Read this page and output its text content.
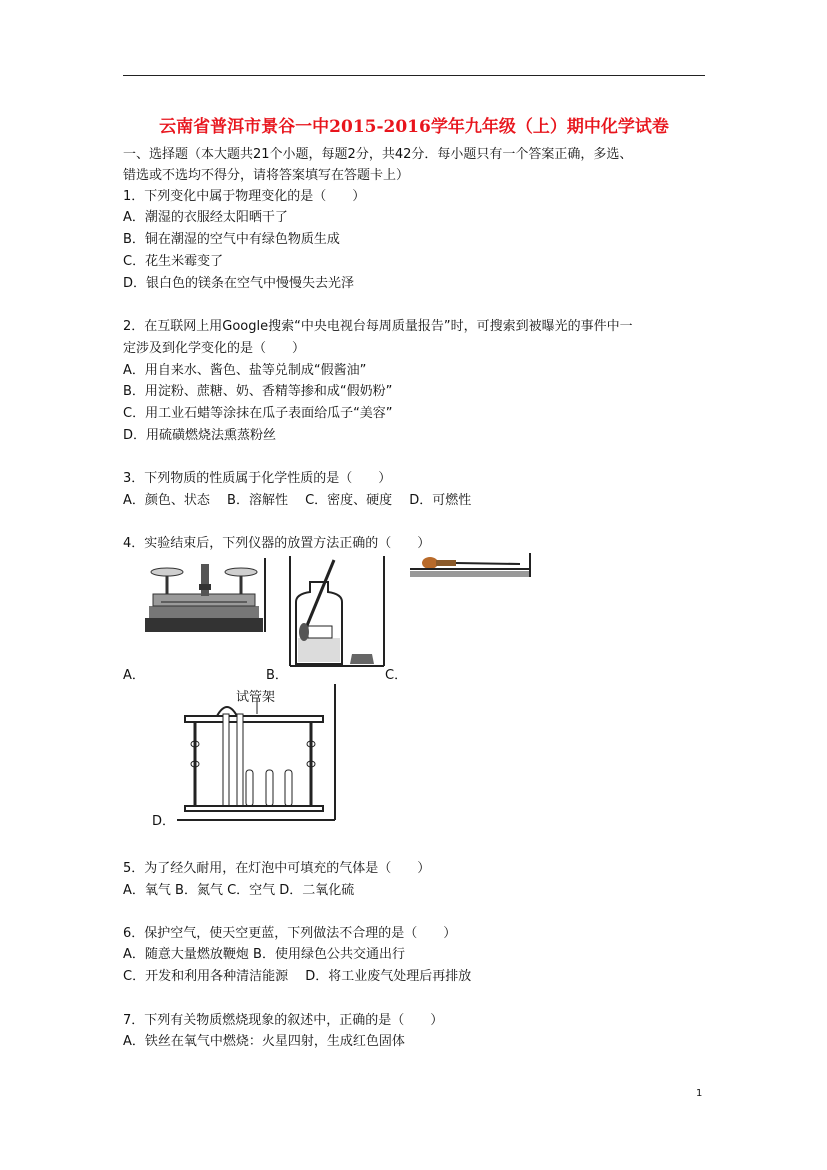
云南省普洱市景谷一中2015-2016学年九年级（上）期中化学试卷
一、选择题（本大题共21个小题，每题2分，共42分．每小题只有一个答案正确，多选、
错选或不选均不得分，请将答案填写在答题卡上）
1．下列变化中属于物理变化的是（　　）
A．潮湿的衣服经太阳晒干了
B．铜在潮湿的空气中有绿色物质生成
C．花生米霉变了
D．银白色的镁条在空气中慢慢失去光泽
2．在互联网上用Google搜索“中央电视台每周质量报告”时，可搜索到被曝光的事件中一
定涉及到化学变化的是（　　）
A．用自来水、酱色、盐等兑制成“假酱油”
B．用淀粉、蔗糖、奶、香精等掺和成“假奶粉”
C．用工业石蜡等涂抹在瓜子表面给瓜子“美容”
D．用硫磺燃烧法熏蒸粉丝
3．下列物质的性质属于化学性质的是（　　）
A．颜色、状态　 B．溶解性　 C．密度、硬度　 D．可燃性
4．实验结束后，下列仪器的放置方法正确的（　　）
A．	B．	C．
试管架
D．
5．为了经久耐用，在灯泡中可填充的气体是（　　）
A．氧气 B．氮气 C．空气 D．二氧化硫
6．保护空气，使天空更蓝，下列做法不合理的是（　　）
A．随意大量燃放鞭炮 B．使用绿色公共交通出行
C．开发和利用各种清洁能源　 D．将工业废气处理后再排放
7．下列有关物质燃烧现象的叙述中，正确的是（　　）
A．铁丝在氧气中燃烧：火星四射，生成红色固体
1
